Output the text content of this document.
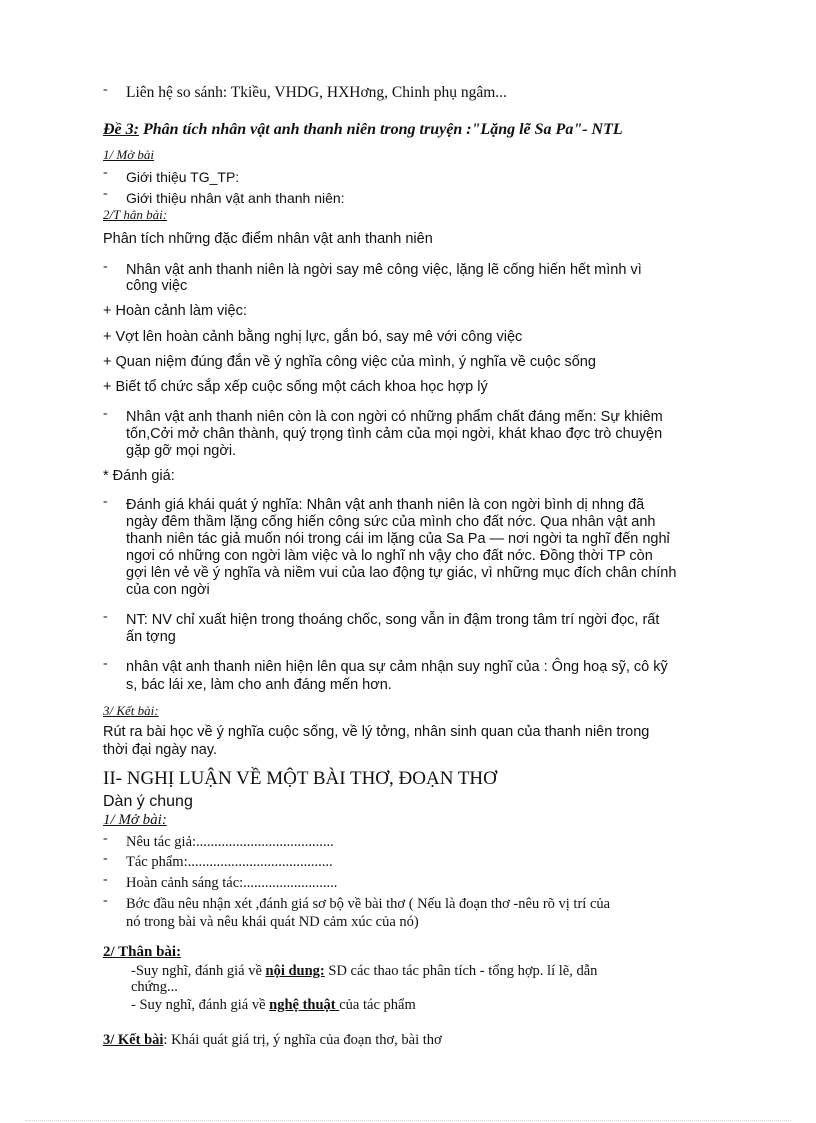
- Liên hệ so sánh: Tkiều, VHDG, HXHơng, Chinh phụ ngâm...
Đề 3: Phân tích nhân vật anh thanh niên trong truyện :"Lặng lẽ Sa Pa"- NTL
1/ Mở bài
- Giới thiệu TG_TP:
- Giới thiệu nhân vật anh thanh niên:
2/T hân bài:
Phân tích những đặc điểm nhân vật anh thanh niên
- Nhân vật anh thanh niên là ngời say mê công việc, lặng lẽ cống hiến hết mình vì
công việc
+ Hoàn cảnh làm việc:
+ Vợt lên hoàn cảnh bằng nghị lực, gắn bó, say mê với công việc
+ Quan niệm đúng đắn về ý nghĩa công việc của mình, ý nghĩa về cuộc sống
+ Biết tổ chức sắp xếp cuộc sống một cách khoa học hợp lý
- Nhân vật anh thanh niên còn là con ngời có những phẩm chất đáng mến: Sự khiêm
tốn,Cởi mở chân thành, quý trọng tình cảm của mọi ngời, khát khao đợc trò chuyện
gặp gỡ mọi ngời.
* Đánh giá:
- Đánh giá khái quát ý nghĩa: Nhân vật anh thanh niên là con ngời bình dị nhng đã
ngày đêm thầm lặng cống hiến công sức của mình cho đất nớc. Qua nhân vật anh
thanh niên tác giả muốn nói trong cái im lặng của Sa Pa — nơi ngời ta nghĩ đến nghỉ
ngơi có những con ngời làm việc và lo nghĩ nh vậy cho đất nớc. Đồng thời TP còn
gợi lên vẻ về ý nghĩa và niềm vui của lao động tự giác, vì những mục đích chân chính
của con ngời
- NT: NV chỉ xuất hiện trong thoáng chốc, song vẫn in đậm trong tâm trí ngời đọc, rất
ấn tợng
- nhân vật anh thanh niên hiện lên qua sự cảm nhận suy nghĩ của : Ông hoạ sỹ, cô kỹ
s, bác lái xe, làm cho anh đáng mến hơn.
3/ Kết bài:
Rút ra bài học về ý nghĩa cuộc sống, về lý tởng, nhân sinh quan của thanh niên trong
thời đại ngày nay.
II- NGHỊ LUẬN VỀ MỘT BÀI THƠ, ĐOẠN THƠ
Dàn ý chung
1/ Mở bài:
- Nêu tác giả:......................................
- Tác phẩm:........................................
- Hoàn cảnh sáng tác:..........................
- Bớc đầu nêu nhận xét ,đánh giá sơ bộ về bài thơ ( Nếu là đoạn thơ -nêu rõ vị trí của
nó trong bài và nêu khái quát ND cảm xúc của nó)
2/ Thân bài:
-Suy nghĩ, đánh giá về nội dung: SD các thao tác phân tích - tổng hợp. lí lẽ, dẫn
chứng...
- Suy nghĩ, đánh giá về nghệ thuật của tác phẩm
3/ Kết bài: Khái quát giá trị, ý nghĩa của đoạn thơ, bài thơ
